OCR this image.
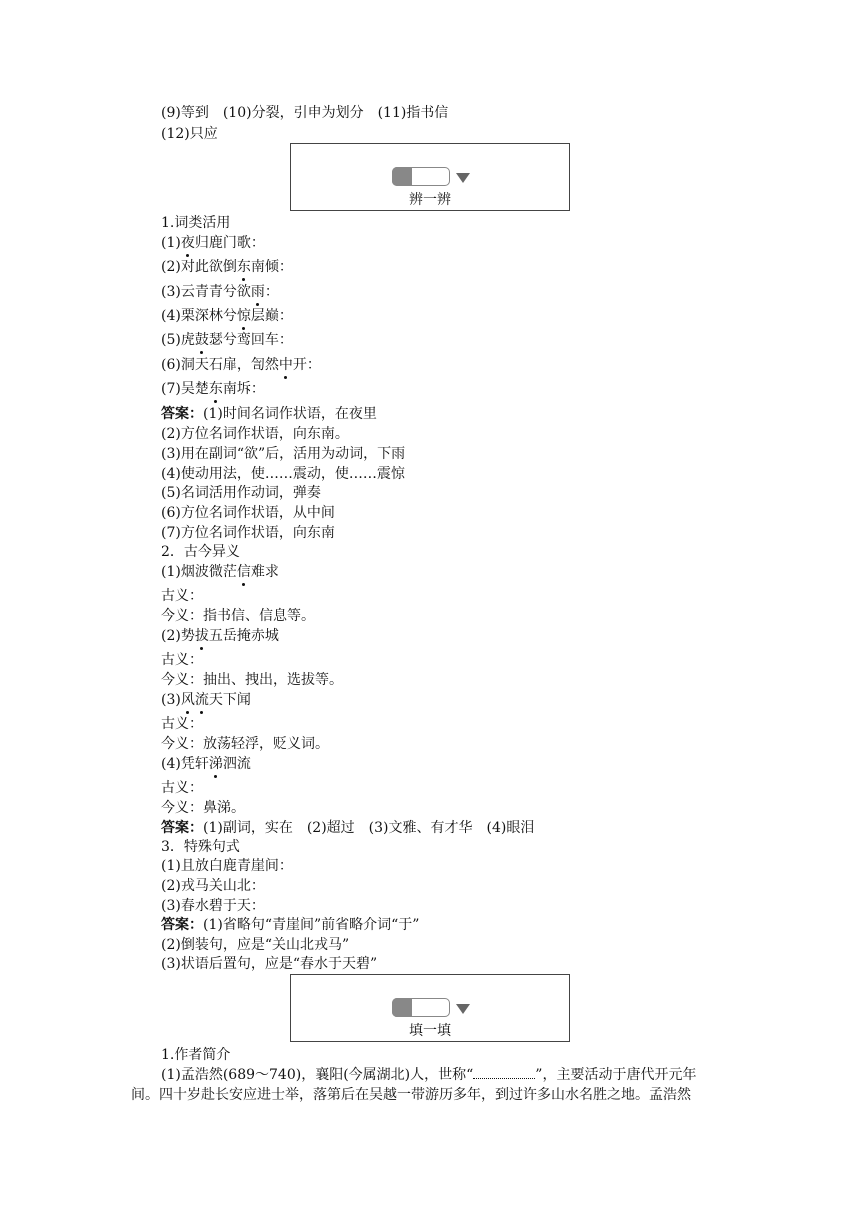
(9)等到　(10)分裂，引申为划分　(11)指书信
(12)只应
辨一辨
1.词类活用
(1)夜归鹿门歌：
(2)对此欲倒东南倾：
(3)云青青兮欲雨：
(4)栗深林兮惊层巅：
(5)虎鼓瑟兮鸾回车：
(6)洞天石扉，訇然中开：
(7)吴楚东南坼：
答案：(1)时间名词作状语，在夜里
(2)方位名词作状语，向东南。
(3)用在副词“欲”后，活用为动词，下雨
(4)使动用法，使……震动，使……震惊
(5)名词活用作动词，弹奏
(6)方位名词作状语，从中间
(7)方位名词作状语，向东南
2．古今异义
(1)烟波微茫信难求
古义：
今义：指书信、信息等。
(2)势拔五岳掩赤城
古义：
今义：抽出、拽出，选拔等。
(3)风流天下闻
古义：
今义：放荡轻浮，贬义词。
(4)凭轩涕泗流
古义：
今义：鼻涕。
答案：(1)副词，实在　(2)超过　(3)文雅、有才华　(4)眼泪
3．特殊句式
(1)且放白鹿青崖间：
(2)戎马关山北：
(3)春水碧于天：
答案：(1)省略句“青崖间”前省略介词“于”
(2)倒装句，应是“关山北戎马”
(3)状语后置句，应是“春水于天碧”
填一填
1.作者简介
(1)孟浩然(689～740)，襄阳(今属湖北)人，世称“	”，主要活动于唐代开元年
间。四十岁赴长安应进士举，落第后在吴越一带游历多年，到过许多山水名胜之地。孟浩然
